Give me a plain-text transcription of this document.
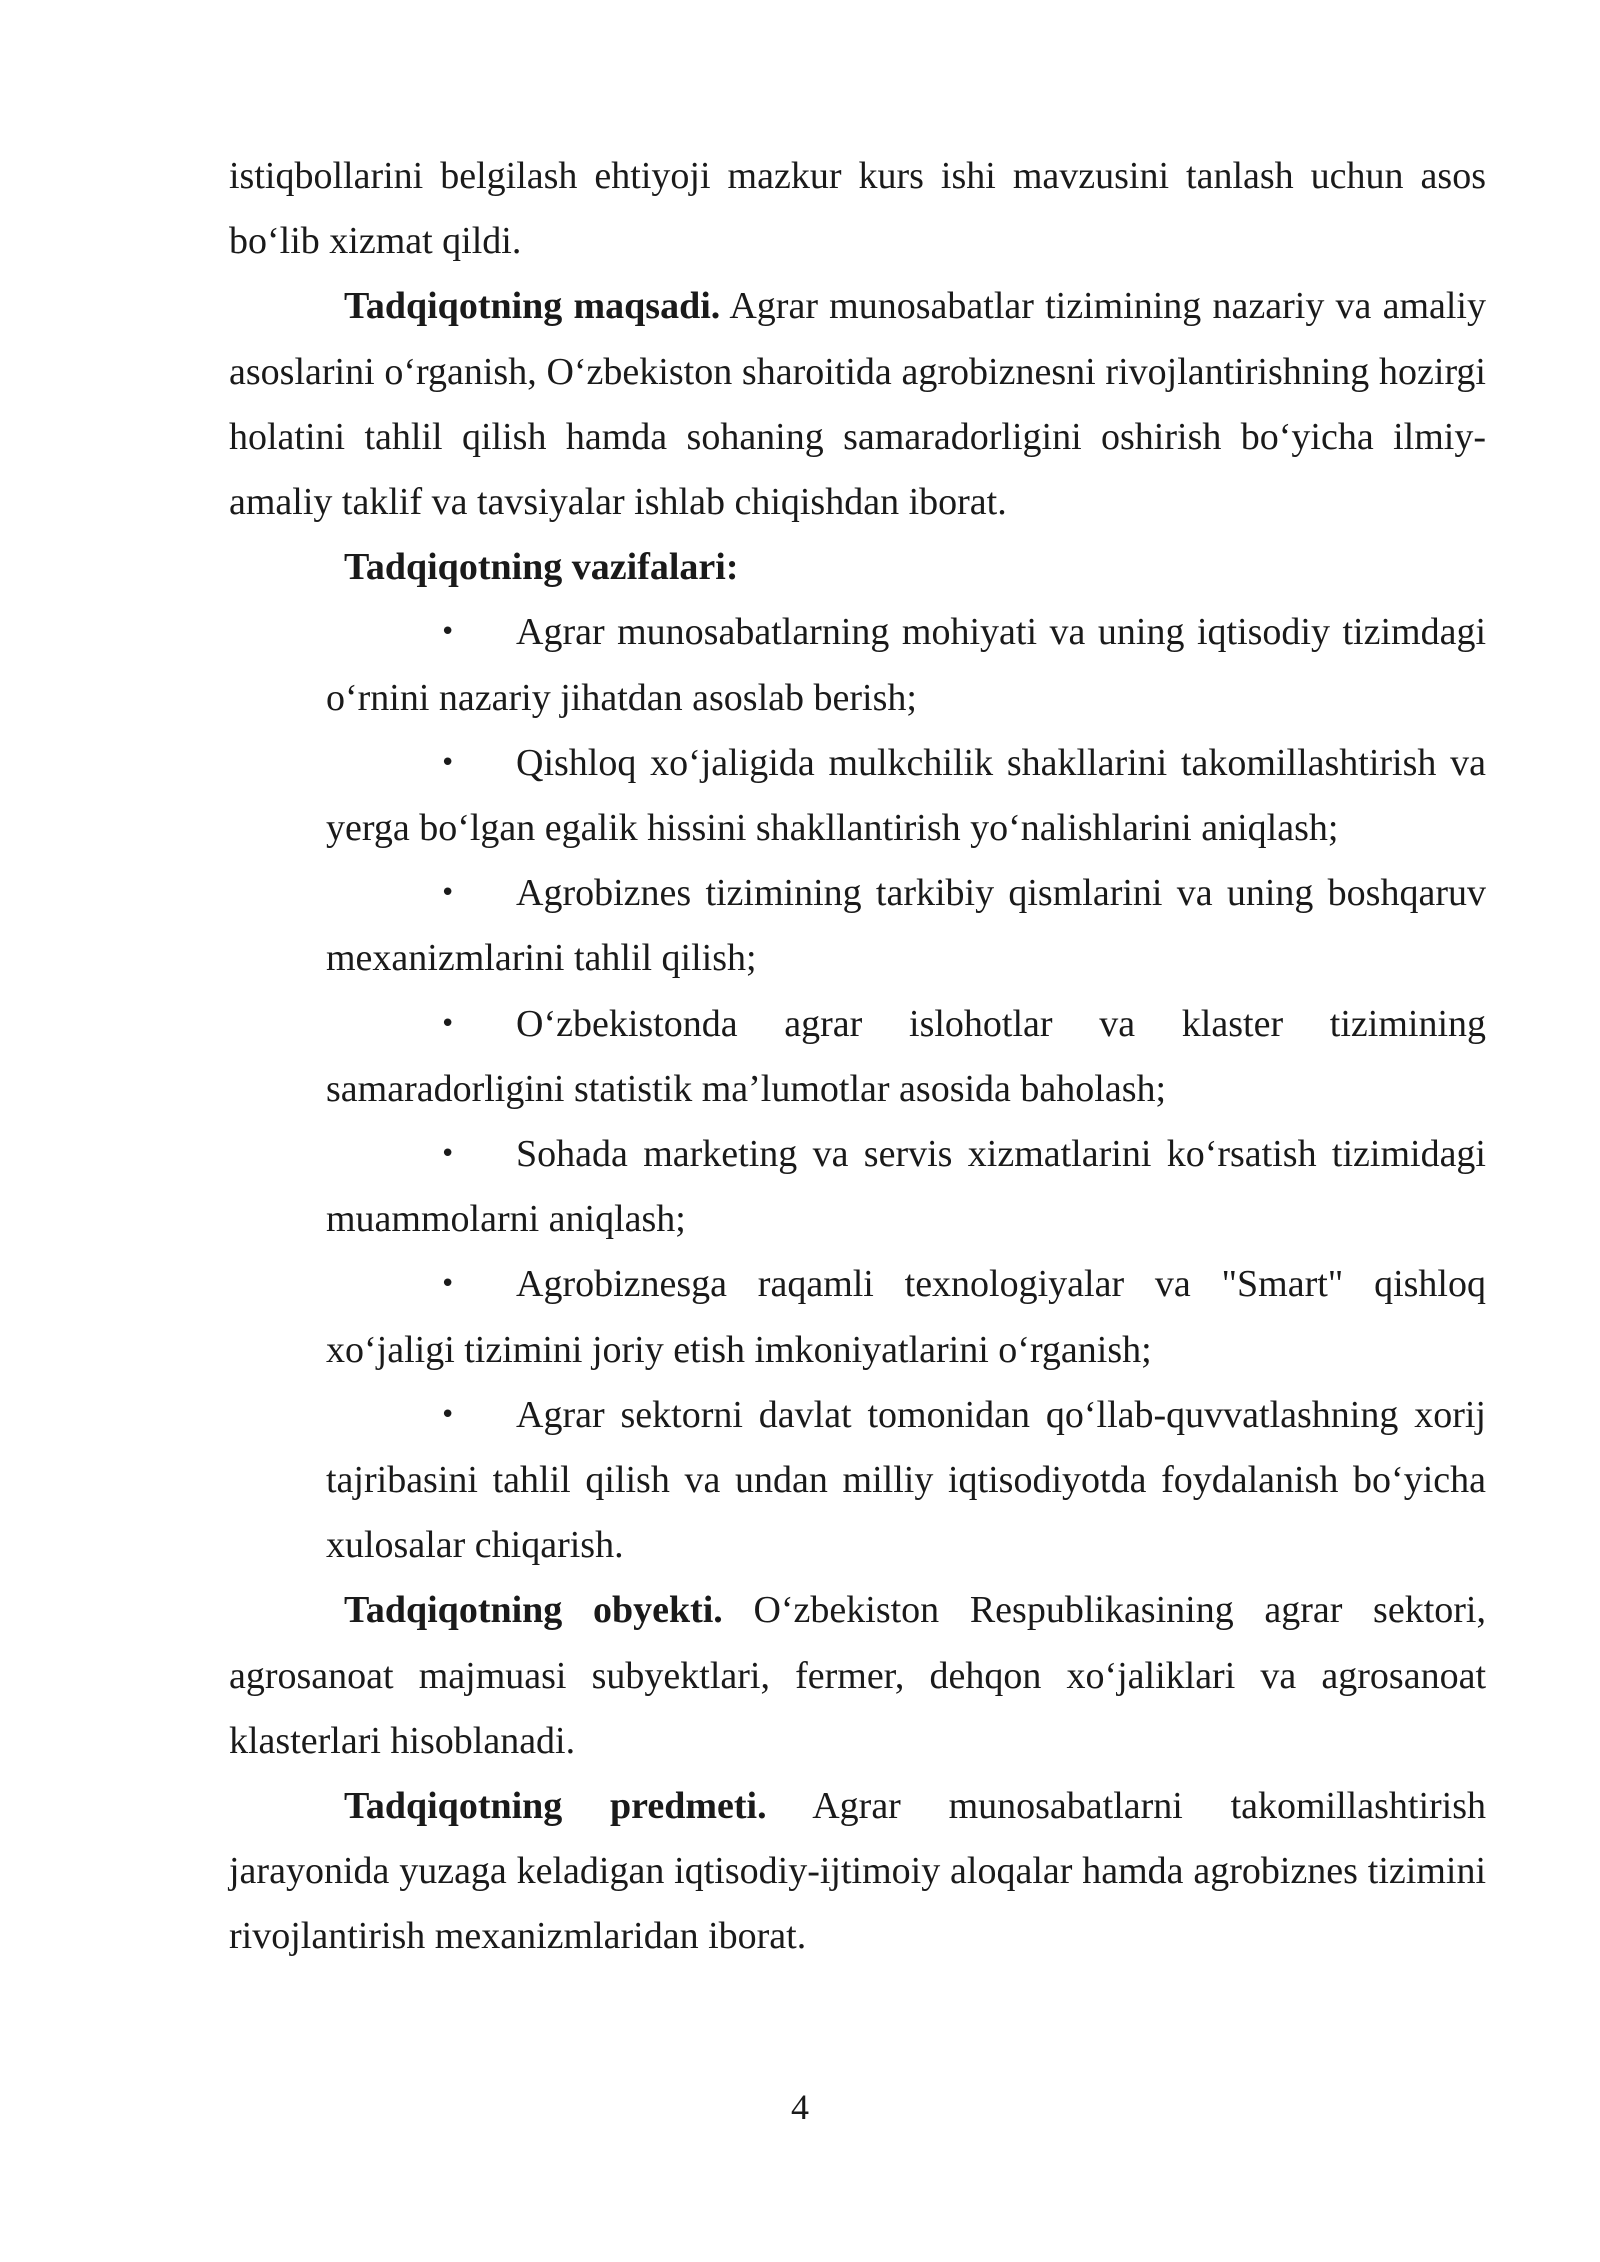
istiqbollarini belgilash ehtiyoji mazkur kurs ishi mavzusini tanlash uchun asos bo‘lib xizmat qildi.

Tadqiqotning maqsadi. Agrar munosabatlar tizimining nazariy va amaliy asoslarini o‘rganish, O‘zbekiston sharoitida agrobiznesni rivojlantirishning hozirgi holatini tahlil qilish hamda sohaning samaradorligini oshirish bo‘yicha ilmiy-amaliy taklif va tavsiyalar ishlab chiqishdan iborat.

Tadqiqotning vazifalari:

• Agrar munosabatlarning mohiyati va uning iqtisodiy tizimdagi o‘rnini nazariy jihatdan asoslab berish;
• Qishloq xo‘jaligida mulkchilik shakllarini takomillashtirish va yerga bo‘lgan egalik hissini shakllantirish yo‘nalishlarini aniqlash;
• Agrobiznes tizimining tarkibiy qismlarini va uning boshqaruv mexanizmlarini tahlil qilish;
• O‘zbekistonda agrar islohotlar va klaster tizimining samaradorligini statistik ma’lumotlar asosida baholash;
• Sohada marketing va servis xizmatlarini ko‘rsatish tizimidagi muammolarni aniqlash;
• Agrobiznesga raqamli texnologiyalar va "Smart" qishloq xo‘jaligi tizimini joriy etish imkoniyatlarini o‘rganish;
• Agrar sektorni davlat tomonidan qo‘llab-quvvatlashning xorij tajribasini tahlil qilish va undan milliy iqtisodiyotda foydalanish bo‘yicha xulosalar chiqarish.

Tadqiqotning obyekti. O‘zbekiston Respublikasining agrar sektori, agrosanoat majmuasi subyektlari, fermer, dehqon xo‘jaliklari va agrosanoat klasterlari hisoblanadi.

Tadqiqotning predmeti. Agrar munosabatlarni takomillashtirish jarayonida yuzaga keladigan iqtisodiy-ijtimoiy aloqalar hamda agrobiznes tizimini rivojlantirish mexanizmlaridan iborat.

4
